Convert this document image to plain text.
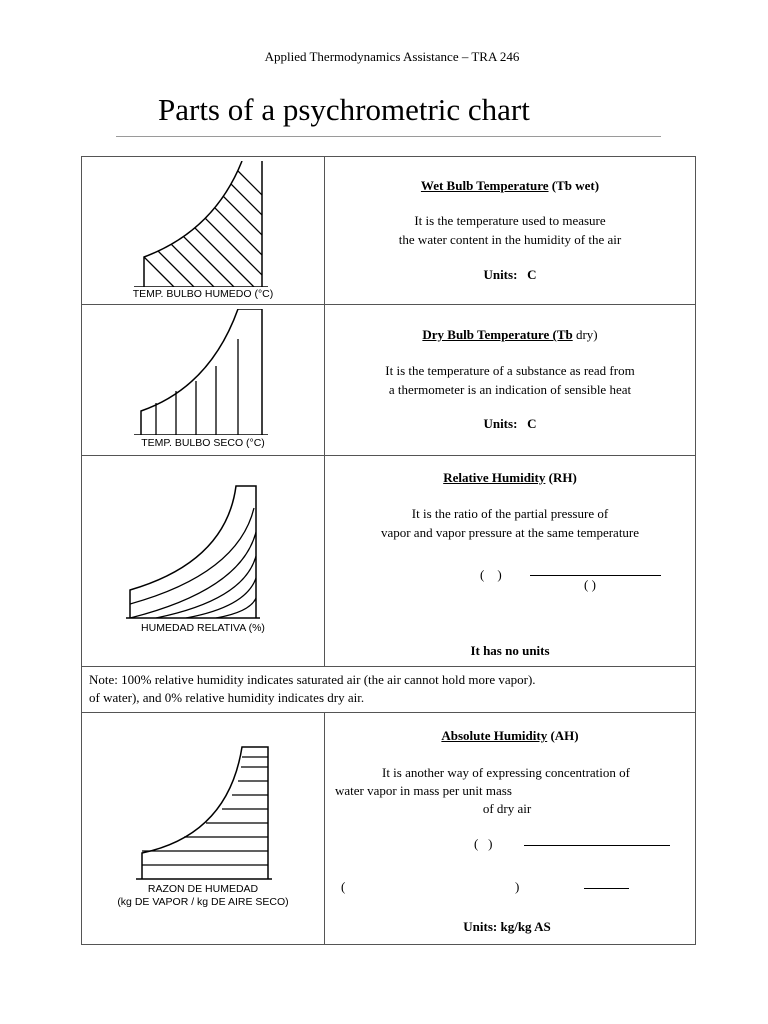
Applied Thermodynamics Assistance – TRA 246
Parts of a psychrometric chart
TEMP. BULBO HUMEDO (°C)
Wet Bulb Temperature (Tb wet)
It is the temperature used to measure
the water content in the humidity of the air
Units:   C
TEMP. BULBO SECO (°C)
Dry Bulb Temperature (Tb dry)
It is the temperature of a substance as read from
a thermometer is an indication of sensible heat
Units:   C
HUMEDAD RELATIVA (%)
Relative Humidity (RH)
It is the ratio of the partial pressure of
vapor and vapor pressure at the same temperature
(    )
( )
It has no units
Note: 100% relative humidity indicates saturated air (the air cannot hold more vapor).
of water), and 0% relative humidity indicates dry air.
RAZON DE HUMEDAD
(kg DE VAPOR / kg DE AIRE SECO)
Absolute Humidity (AH)
It is another way of expressing concentration of
water vapor in mass per unit mass
of dry air
(   )
(	)
Units: kg/kg AS
